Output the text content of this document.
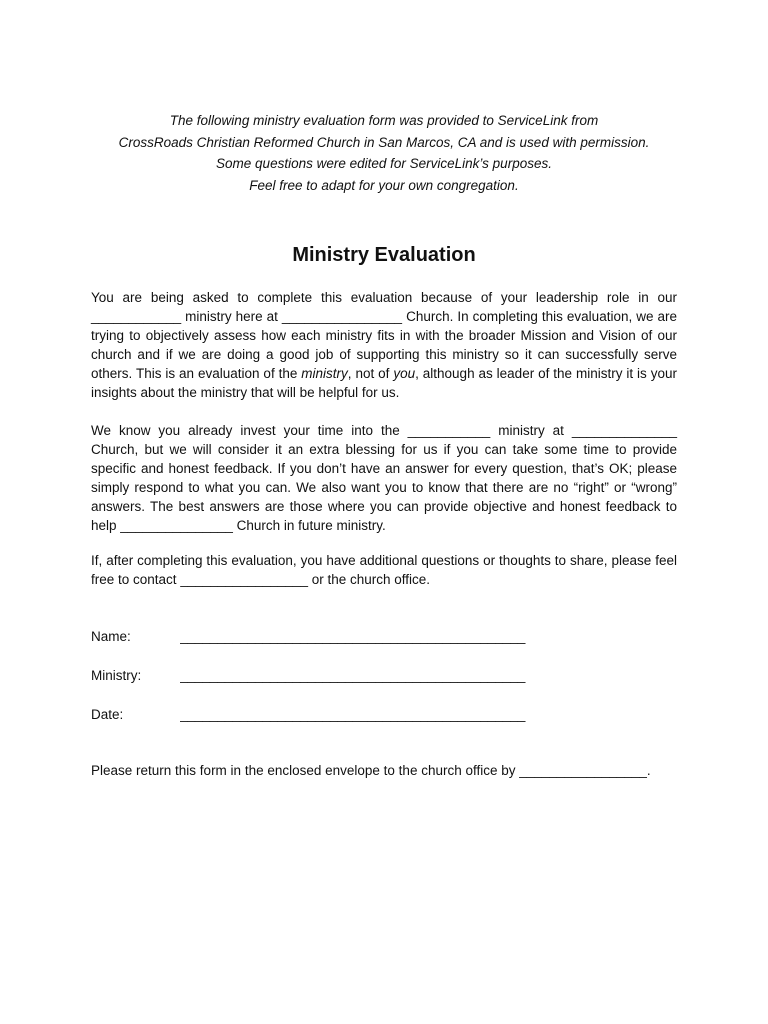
The following ministry evaluation form was provided to ServiceLink from
CrossRoads Christian Reformed Church in San Marcos, CA and is used with permission.
Some questions were edited for ServiceLink’s purposes.
Feel free to adapt for your own congregation.
Ministry Evaluation
You are being asked to complete this evaluation because of your leadership role in our ____________ ministry here at ________________ Church. In completing this evaluation, we are trying to objectively assess how each ministry fits in with the broader Mission and Vision of our church and if we are doing a good job of supporting this ministry so it can successfully serve others. This is an evaluation of the ministry, not of you, although as leader of the ministry it is your insights about the ministry that will be helpful for us.
We know you already invest your time into the ___________ ministry at ______________ Church, but we will consider it an extra blessing for us if you can take some time to provide specific and honest feedback. If you don’t have an answer for every question, that’s OK; please simply respond to what you can. We also want you to know that there are no “right” or “wrong” answers. The best answers are those where you can provide objective and honest feedback to help _______________ Church in future ministry.
If, after completing this evaluation, you have additional questions or thoughts to share, please feel free to contact _________________ or the church office.
Name:	______________________________________________
Ministry:	______________________________________________
Date:	______________________________________________
Please return this form in the enclosed envelope to the church office by _________________.
